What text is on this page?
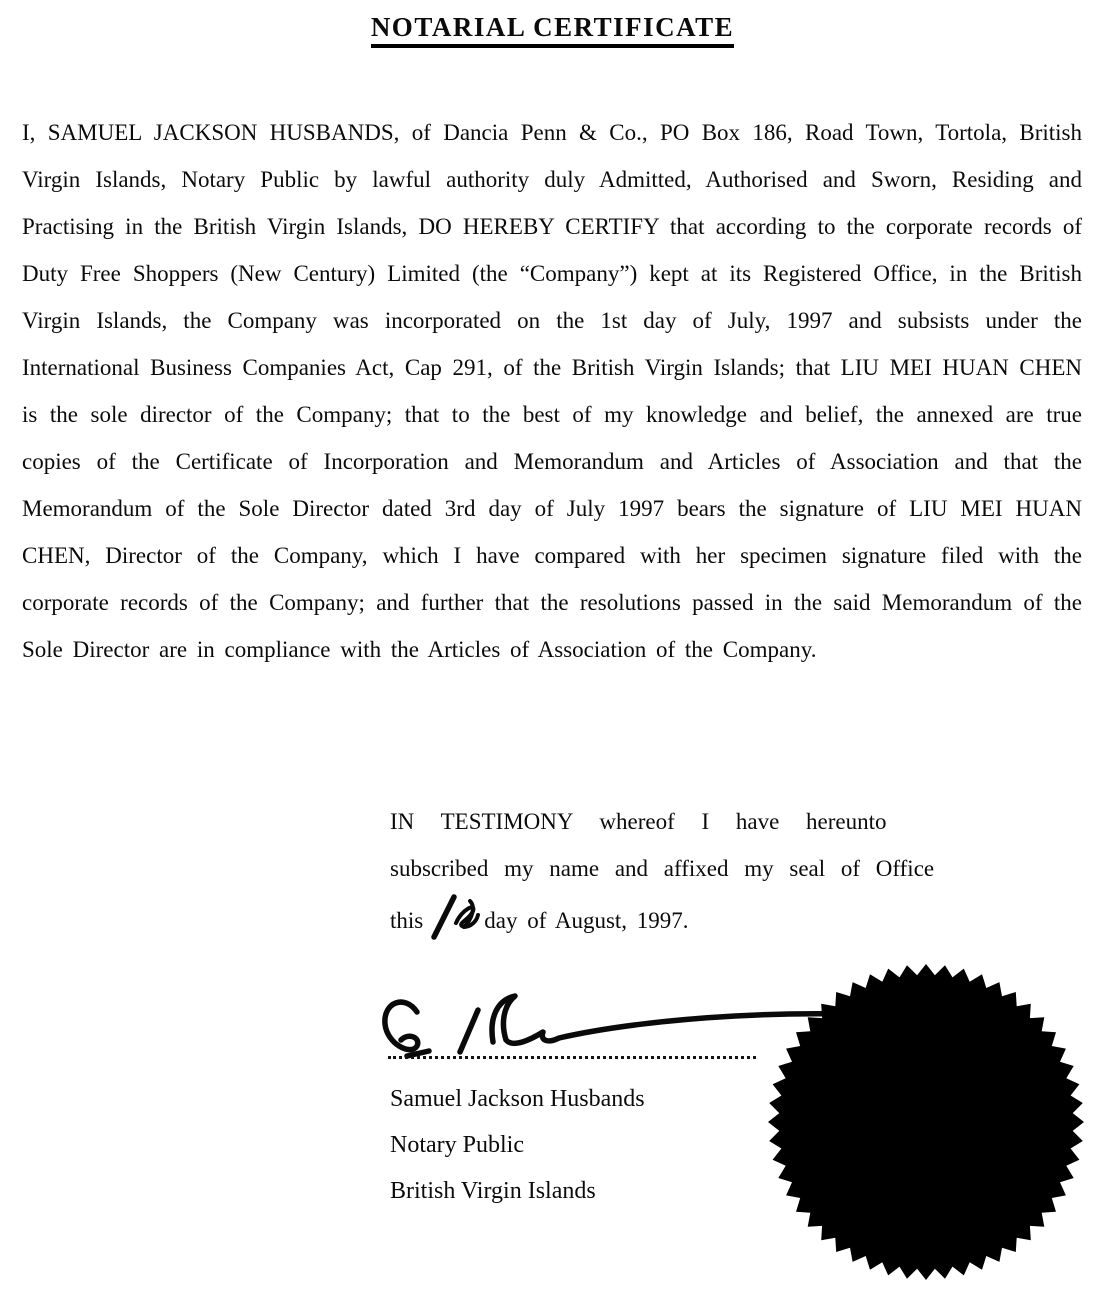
NOTARIAL CERTIFICATE

I, SAMUEL JACKSON HUSBANDS, of Dancia Penn & Co., PO Box 186, Road Town, Tortola, British Virgin Islands, Notary Public by lawful authority duly Admitted, Authorised and Sworn, Residing and Practising in the British Virgin Islands, DO HEREBY CERTIFY that according to the corporate records of Duty Free Shoppers (New Century) Limited (the “Company”) kept at its Registered Office, in the British Virgin Islands, the Company was incorporated on the 1st day of July, 1997 and subsists under the International Business Companies Act, Cap 291, of the British Virgin Islands; that LIU MEI HUAN CHEN is the sole director of the Company; that to the best of my knowledge and belief, the annexed are true copies of the Certificate of Incorporation and Memorandum and Articles of Association and that the Memorandum of the Sole Director dated 3rd day of July 1997 bears the signature of LIU MEI HUAN CHEN, Director of the Company, which I have compared with her specimen signature filed with the corporate records of the Company; and further that the resolutions passed in the said Memorandum of the Sole Director are in compliance with the Articles of Association of the Company.

IN TESTIMONY whereof I have hereunto
subscribed my name and affixed my seal of Office
this	day of August, 1997.
Samuel Jackson Husbands
Notary Public
British Virgin Islands
